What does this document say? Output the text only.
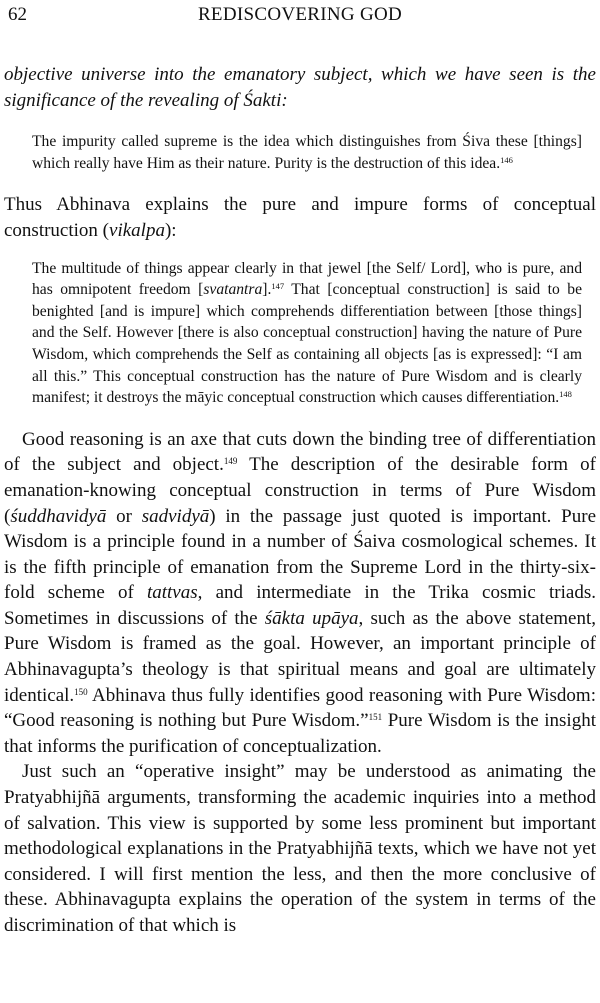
62	REDISCOVERING GOD

objective universe into the emanatory subject, which we have seen is the significance of the revealing of Śakti:

The impurity called supreme is the idea which distinguishes from Śiva these [things] which really have Him as their nature. Purity is the destruction of this idea.$^{146}$

Thus Abhinava explains the pure and impure forms of conceptual construction (vikalpa):

The multitude of things appear clearly in that jewel [the Self/ Lord], who is pure, and has omnipotent freedom [svatantra].$^{147}$ That [conceptual construction] is said to be benighted [and is impure] which comprehends differentiation between [those things] and the Self. However [there is also conceptual construction] having the nature of Pure Wisdom, which comprehends the Self as containing all objects [as is expressed]: “I am all this.” This conceptual construction has the nature of Pure Wisdom and is clearly manifest; it destroys the māyic conceptual construction which causes differentiation.$^{148}$

Good reasoning is an axe that cuts down the binding tree of differentiation of the subject and object.$^{149}$ The description of the desirable form of emanation-knowing conceptual construction in terms of Pure Wisdom (śuddhavidyā or sadvidyā) in the passage just quoted is important. Pure Wisdom is a principle found in a number of Śaiva cosmological schemes. It is the fifth principle of emanation from the Supreme Lord in the thirty-six-fold scheme of tattvas, and intermediate in the Trika cosmic triads. Sometimes in discussions of the śākta upāya, such as the above statement, Pure Wisdom is framed as the goal. However, an important principle of Abhinavagupta’s theology is that spiritual means and goal are ultimately identical.$^{150}$ Abhinava thus fully identifies good reasoning with Pure Wisdom: “Good reasoning is nothing but Pure Wisdom.”$^{151}$ Pure Wisdom is the insight that informs the purification of conceptualization.

Just such an “operative insight” may be understood as animating the Pratyabhijñā arguments, transforming the academic inquiries into a method of salvation. This view is supported by some less prominent but important methodological explanations in the Pratyabhijñā texts, which we have not yet considered. I will first mention the less, and then the more conclusive of these. Abhinavagupta explains the operation of the system in terms of the discrimination of that which is
